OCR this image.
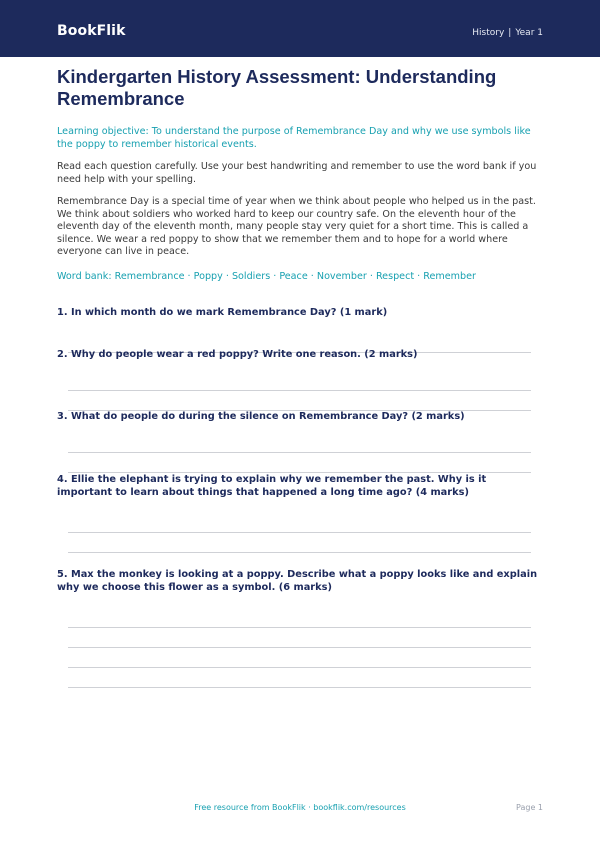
BookFlik	History | Year 1
Kindergarten History Assessment: Understanding Remembrance

Learning objective: To understand the purpose of Remembrance Day and why we use symbols like the poppy to remember historical events.

Read each question carefully. Use your best handwriting and remember to use the word bank if you need help with your spelling.

Remembrance Day is a special time of year when we think about people who helped us in the past. We think about soldiers who worked hard to keep our country safe. On the eleventh hour of the eleventh day of the eleventh month, many people stay very quiet for a short time. This is called a silence. We wear a red poppy to show that we remember them and to hope for a world where everyone can live in peace.

Word bank: Remembrance · Poppy · Soldiers · Peace · November · Respect · Remember

1. In which month do we mark Remembrance Day? (1 mark)
2. Why do people wear a red poppy? Write one reason. (2 marks)
3. What do people do during the silence on Remembrance Day? (2 marks)
4. Ellie the elephant is trying to explain why we remember the past. Why is it important to learn about things that happened a long time ago? (4 marks)
5. Max the monkey is looking at a poppy. Describe what a poppy looks like and explain why we choose this flower as a symbol. (6 marks)
Free resource from BookFlik · bookflik.com/resources	Page 1
